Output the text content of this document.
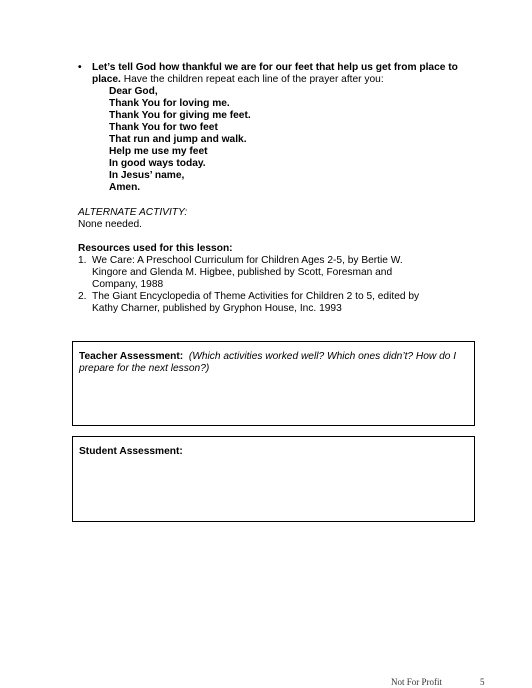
• Let’s tell God how thankful we are for our feet that help us get from place to place. Have the children repeat each line of the prayer after you:
Dear God,
Thank You for loving me.
Thank You for giving me feet.
Thank You for two feet
That run and jump and walk.
Help me use my feet
In good ways today.
In Jesus’ name,
Amen.
ALTERNATE ACTIVITY:
None needed.
Resources used for this lesson:
1. We Care: A Preschool Curriculum for Children Ages 2-5, by Bertie W.
Kingore and Glenda M. Higbee, published by Scott, Foresman and
Company, 1988
2. The Giant Encyclopedia of Theme Activities for Children 2 to 5, edited by
Kathy Charner, published by Gryphon House, Inc. 1993
Teacher Assessment: (Which activities worked well? Which ones didn’t? How do I prepare for the next lesson?)
Student Assessment:
Not For Profit	5
